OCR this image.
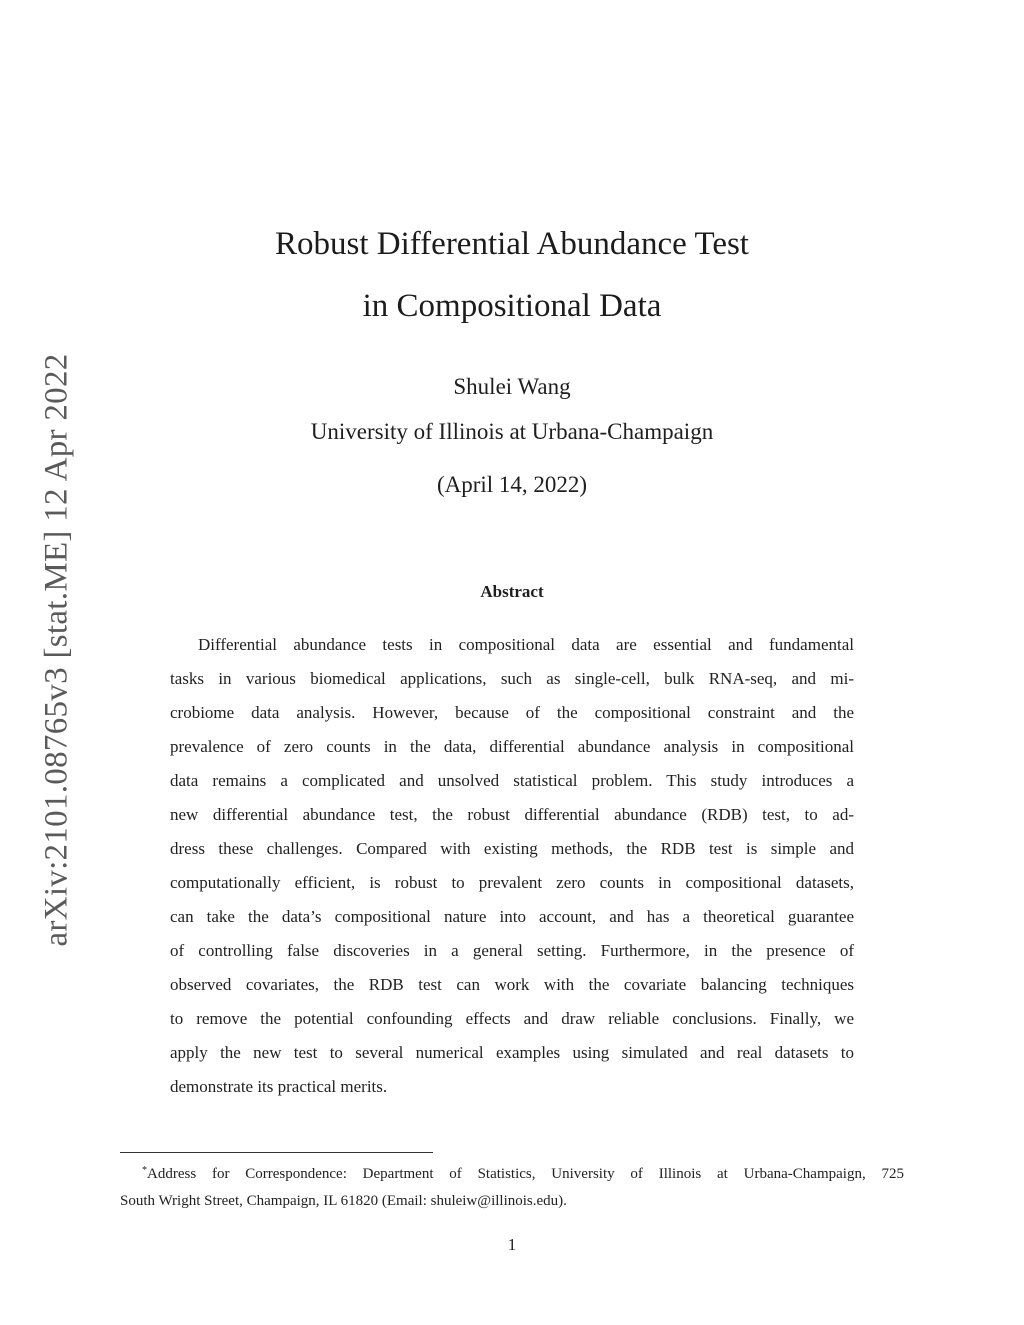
arXiv:2101.08765v3 [stat.ME] 12 Apr 2022
Robust Differential Abundance Test
in Compositional Data
Shulei Wang
University of Illinois at Urbana-Champaign
(April 14, 2022)
Abstract
Differential abundance tests in compositional data are essential and fundamental
tasks in various biomedical applications, such as single-cell, bulk RNA-seq, and mi-
crobiome data analysis. However, because of the compositional constraint and the
prevalence of zero counts in the data, differential abundance analysis in compositional
data remains a complicated and unsolved statistical problem. This study introduces a
new differential abundance test, the robust differential abundance (RDB) test, to ad-
dress these challenges. Compared with existing methods, the RDB test is simple and
computationally efficient, is robust to prevalent zero counts in compositional datasets,
can take the data’s compositional nature into account, and has a theoretical guarantee
of controlling false discoveries in a general setting. Furthermore, in the presence of
observed covariates, the RDB test can work with the covariate balancing techniques
to remove the potential confounding effects and draw reliable conclusions. Finally, we
apply the new test to several numerical examples using simulated and real datasets to
demonstrate its practical merits.
*Address for Correspondence: Department of Statistics, University of Illinois at Urbana-Champaign, 725
South Wright Street, Champaign, IL 61820 (Email: shuleiw@illinois.edu).
1
